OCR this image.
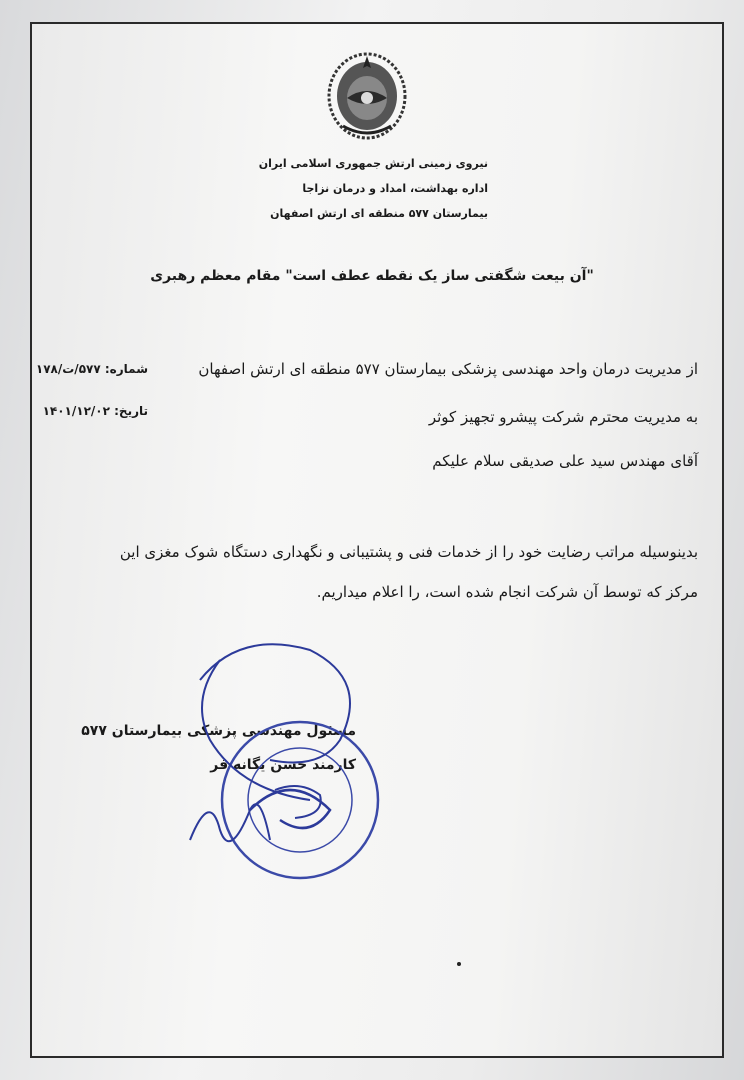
نیروی زمینی ارتش جمهوری اسلامی ایران
اداره بهداشت، امداد و درمان نزاجا
بیمارستان ۵۷۷ منطقه ای ارتش اصفهان
"آن بیعت شگفتی ساز یک نقطه عطف است" مقام معظم رهبری
شماره: ۵۷۷/ت/۱۷۸
تاریخ: ۱۴۰۱/۱۲/۰۲
از مدیریت درمان واحد مهندسی پزشکی بیمارستان ۵۷۷ منطقه ای ارتش اصفهان
به مدیریت محترم شرکت پیشرو تجهیز کوثر
آقای مهندس سید علی صدیقی سلام علیکم
بدینوسیله مراتب رضایت خود را از خدمات فنی و پشتیبانی و نگهداری دستگاه شوک مغزی این
مرکز که توسط آن شرکت انجام شده است، را اعلام میداریم.
مسئول مهندسی پزشکی بیمارستان ۵۷۷
کارمند حسن یگانه فر
